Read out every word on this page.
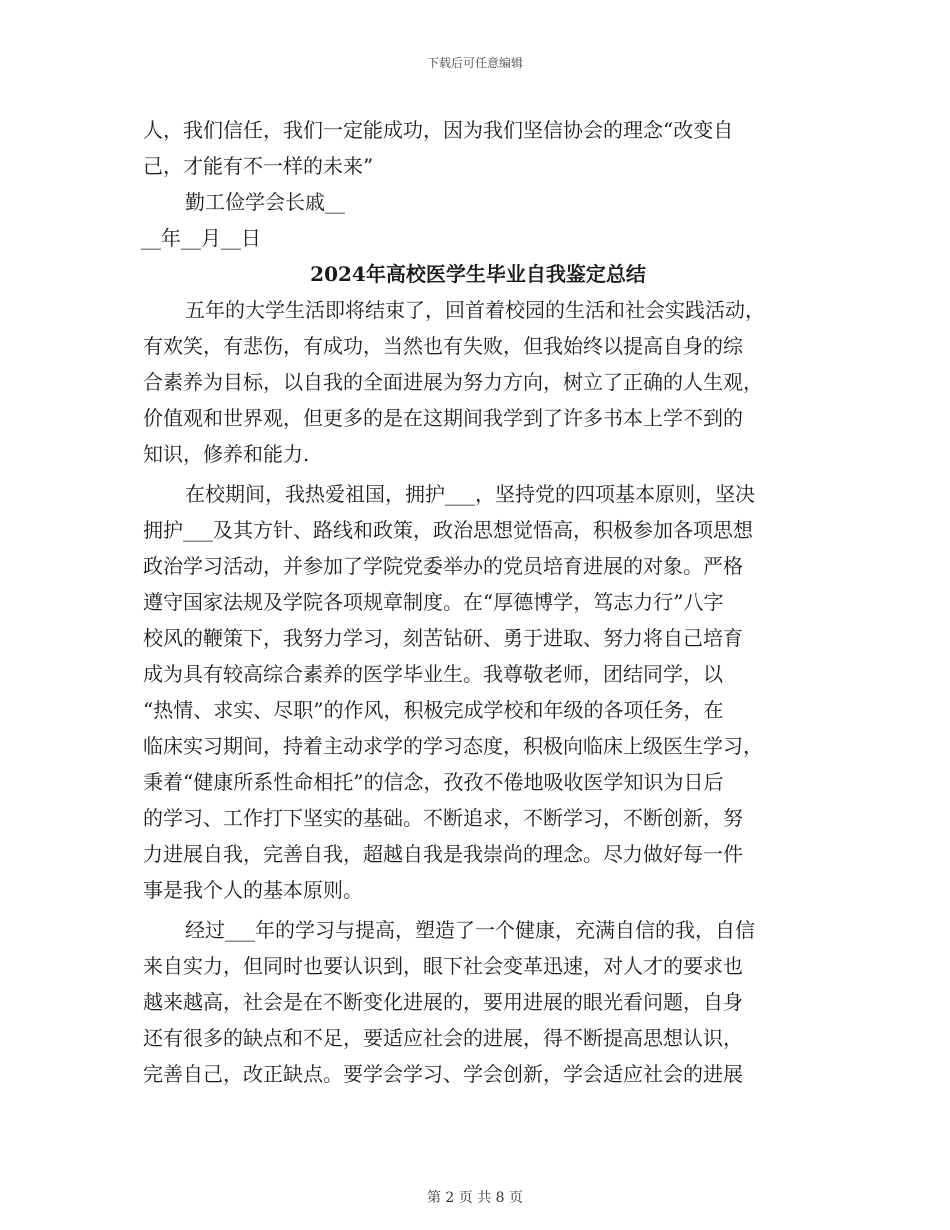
下载后可任意编辑
人，我们信任，我们一定能成功，因为我们坚信协会的理念“改变自
己，才能有不一样的未来”
勤工俭学会长戚__
__年__月__日
2024年高校医学生毕业自我鉴定总结
五年的大学生活即将结束了，回首着校园的生活和社会实践活动，
有欢笑，有悲伤，有成功，当然也有失败，但我始终以提高自身的综
合素养为目标，以自我的全面进展为努力方向，树立了正确的人生观，
价值观和世界观，但更多的是在这期间我学到了许多书本上学不到的
知识，修养和能力.
在校期间，我热爱祖国，拥护___，坚持党的四项基本原则，坚决
拥护___及其方针、路线和政策，政治思想觉悟高，积极参加各项思想
政治学习活动，并参加了学院党委举办的党员培育进展的对象。严格
遵守国家法规及学院各项规章制度。在“厚德博学，笃志力行”八字
校风的鞭策下，我努力学习，刻苦钻研、勇于进取、努力将自己培育
成为具有较高综合素养的医学毕业生。我尊敬老师，团结同学，以
“热情、求实、尽职”的作风，积极完成学校和年级的各项任务，在
临床实习期间，持着主动求学的学习态度，积极向临床上级医生学习，
秉着“健康所系性命相托”的信念，孜孜不倦地吸收医学知识为日后
的学习、工作打下坚实的基础。不断追求，不断学习，不断创新，努
力进展自我，完善自我，超越自我是我崇尚的理念。尽力做好每一件
事是我个人的基本原则。
经过___年的学习与提高，塑造了一个健康，充满自信的我，自信
来自实力，但同时也要认识到，眼下社会变革迅速，对人才的要求也
越来越高，社会是在不断变化进展的，要用进展的眼光看问题，自身
还有很多的缺点和不足，要适应社会的进展，得不断提高思想认识，
完善自己，改正缺点。要学会学习、学会创新，学会适应社会的进展
第 2 页 共 8 页
